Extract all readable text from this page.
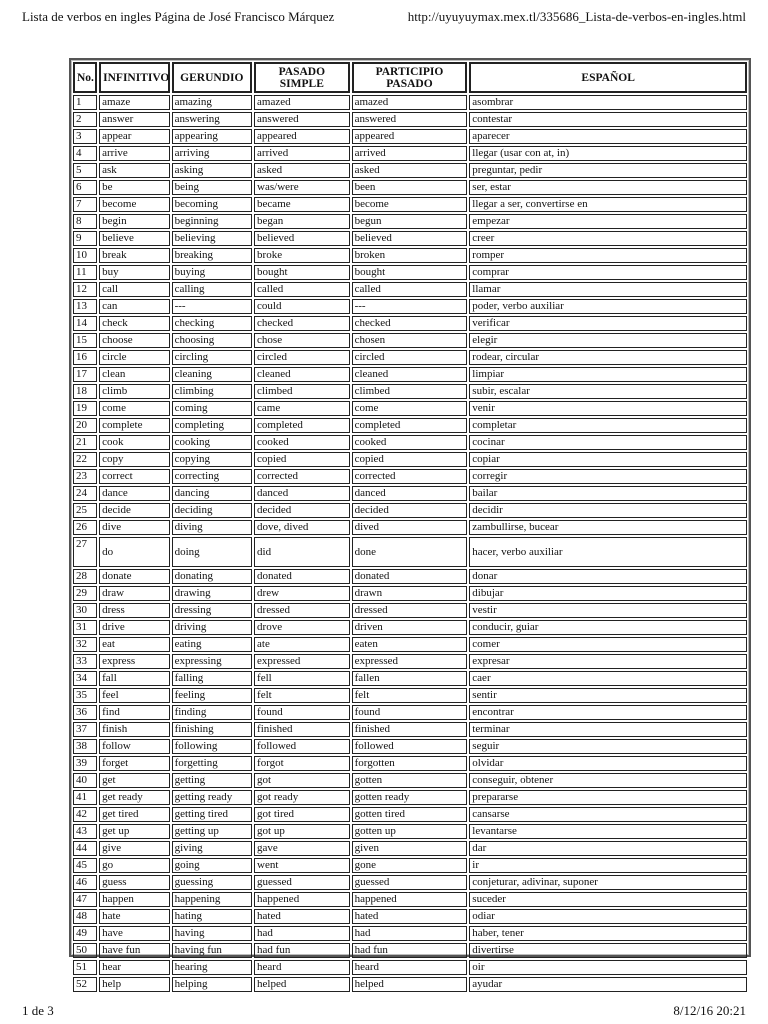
Lista de verbos en ingles Página de José Francisco Márquez	http://uyuyuymax.mex.tl/335686_Lista-de-verbos-en-ingles.html
No.	INFINITIVO	GERUNDIO	PASADO SIMPLE	PARTICIPIO PASADO	ESPAÑOL
1	amaze	amazing	amazed	amazed	asombrar
2	answer	answering	answered	answered	contestar
3	appear	appearing	appeared	appeared	aparecer
4	arrive	arriving	arrived	arrived	llegar (usar con at, in)
5	ask	asking	asked	asked	preguntar, pedir
6	be	being	was/were	been	ser, estar
7	become	becoming	became	become	llegar a ser, convertirse en
8	begin	beginning	began	begun	empezar
9	believe	believing	believed	believed	creer
10	break	breaking	broke	broken	romper
11	buy	buying	bought	bought	comprar
12	call	calling	called	called	llamar
13	can	---	could	---	poder, verbo auxiliar
14	check	checking	checked	checked	verificar
15	choose	choosing	chose	chosen	elegir
16	circle	circling	circled	circled	rodear, circular
17	clean	cleaning	cleaned	cleaned	limpiar
18	climb	climbing	climbed	climbed	subir, escalar
19	come	coming	came	come	venir
20	complete	completing	completed	completed	completar
21	cook	cooking	cooked	cooked	cocinar
22	copy	copying	copied	copied	copiar
23	correct	correcting	corrected	corrected	corregir
24	dance	dancing	danced	danced	bailar
25	decide	deciding	decided	decided	decidir
26	dive	diving	dove, dived	dived	zambullirse, bucear
27	do	doing	did	done	hacer, verbo auxiliar
28	donate	donating	donated	donated	donar
29	draw	drawing	drew	drawn	dibujar
30	dress	dressing	dressed	dressed	vestir
31	drive	driving	drove	driven	conducir, guiar
32	eat	eating	ate	eaten	comer
33	express	expressing	expressed	expressed	expresar
34	fall	falling	fell	fallen	caer
35	feel	feeling	felt	felt	sentir
36	find	finding	found	found	encontrar
37	finish	finishing	finished	finished	terminar
38	follow	following	followed	followed	seguir
39	forget	forgetting	forgot	forgotten	olvidar
40	get	getting	got	gotten	conseguir, obtener
41	get ready	getting ready	got ready	gotten ready	prepararse
42	get tired	getting tired	got tired	gotten tired	cansarse
43	get up	getting up	got up	gotten up	levantarse
44	give	giving	gave	given	dar
45	go	going	went	gone	ir
46	guess	guessing	guessed	guessed	conjeturar, adivinar, suponer
47	happen	happening	happened	happened	suceder
48	hate	hating	hated	hated	odiar
49	have	having	had	had	haber, tener
50	have fun	having fun	had fun	had fun	divertirse
51	hear	hearing	heard	heard	oir
52	help	helping	helped	helped	ayudar
1 de 3	8/12/16 20:21
